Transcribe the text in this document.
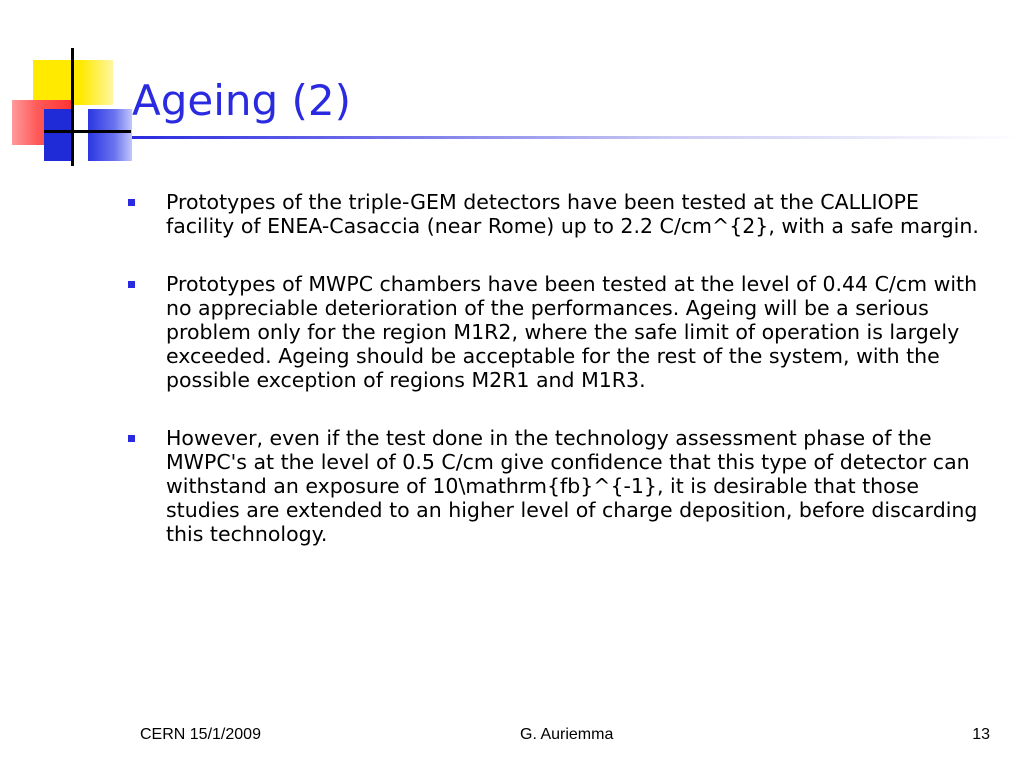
Ageing (2)
Prototypes of the triple-GEM detectors have been tested at the CALLIOPE facility of ENEA-Casaccia (near Rome) up to 2.2 C/cm^{2}, with a safe margin.
Prototypes of MWPC chambers have been tested at the level of 0.44 C/cm with no appreciable deterioration of the performances. Ageing will be a serious problem only for the region M1R2, where the safe limit of operation is largely exceeded. Ageing should be acceptable for the rest of the system, with the possible exception of regions M2R1 and M1R3.
However, even if the test done in the technology assessment phase of the MWPC's at the level of 0.5 C/cm give confidence that this type of detector can withstand an exposure of 10\mathrm{fb}^{-1}, it is desirable that those studies are extended to an higher level of charge deposition, before discarding this technology.
CERN 15/1/2009	G. Auriemma	13
